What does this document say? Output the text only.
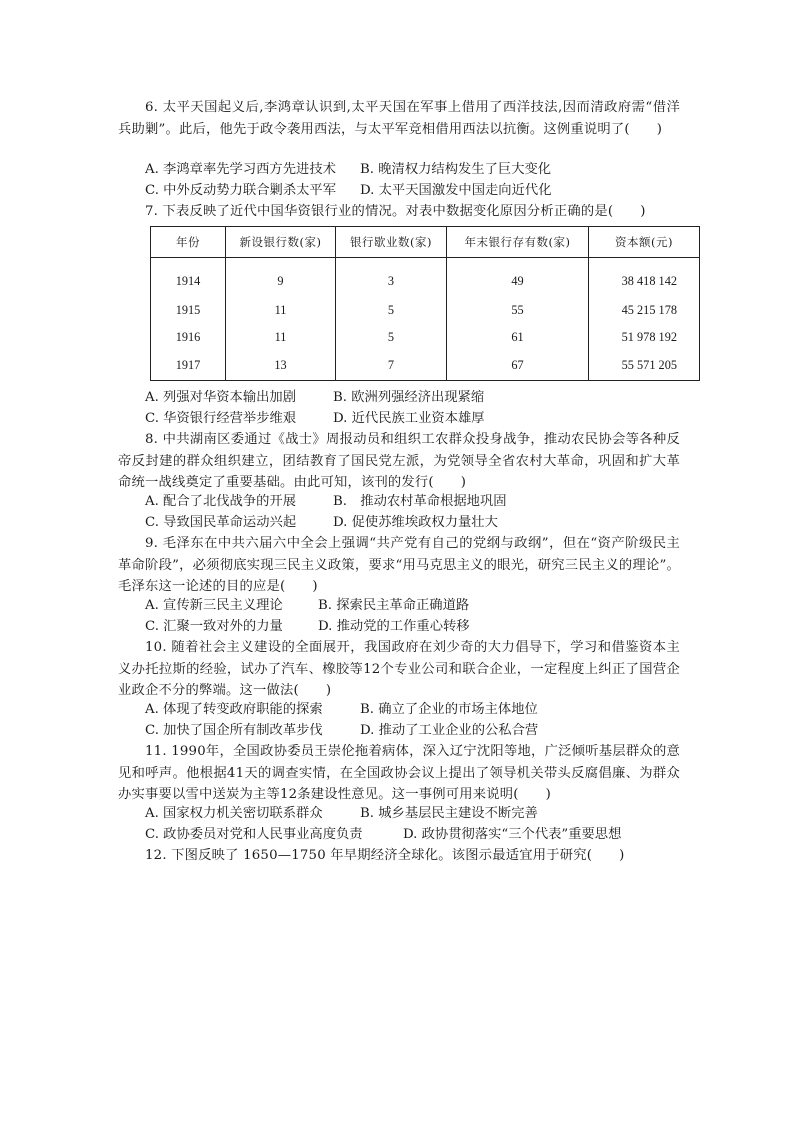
6. 太平天国起义后,李鸿章认识到,太平天国在军事上借用了西洋技法,因而清政府需“借洋兵助剿”。此后，他先于政令袭用西法，与太平军竞相借用西法以抗衡。这例重说明了(　　)
A. 李鸿章率先学习西方先进技术 B. 晚清权力结构发生了巨大变化
C. 中外反动势力联合剿杀太平军 D. 太平天国激发中国走向近代化
7. 下表反映了近代中国华资银行业的情况。对表中数据变化原因分析正确的是(　　)
年份	新设银行数(家)	银行歇业数(家)	年末银行存有数(家)	资本额(元)
1914	9	3	49	38 418 142
1915	11	5	55	45 215 178
1916	11	5	61	51 978 192
1917	13	7	67	55 571 205
A. 列强对华资本输出加剧	B. 欧洲列强经济出现紧缩
C. 华资银行经营举步维艰	D. 近代民族工业资本雄厚
8. 中共湖南区委通过《战士》周报动员和组织工农群众投身战争，推动农民协会等各种反帝反封建的群众组织建立，团结教育了国民党左派，为党领导全省农村大革命，巩固和扩大革命统一战线奠定了重要基础。由此可知，该刊的发行(　　)
A. 配合了北伐战争的开展	B.　推动农村革命根据地巩固
C. 导致国民革命运动兴起	D. 促使苏维埃政权力量壮大
9. 毛泽东在中共六届六中全会上强调“共产党有自己的党纲与政纲”，但在“资产阶级民主革命阶段”，必须彻底实现三民主义政策，要求“用马克思主义的眼光，研究三民主义的理论”。毛泽东这一论述的目的应是(　　)
A. 宣传新三民主义理论	B. 探索民主革命正确道路
C. 汇聚一致对外的力量	D. 推动党的工作重心转移
10. 随着社会主义建设的全面展开，我国政府在刘少奇的大力倡导下，学习和借鉴资本主义办托拉斯的经验，试办了汽车、橡胶等12个专业公司和联合企业，一定程度上纠正了国营企业政企不分的弊端。这一做法(　　)
A. 体现了转变政府职能的探索	B. 确立了企业的市场主体地位
C. 加快了国企所有制改革步伐	D. 推动了工业企业的公私合营
11. 1990年，全国政协委员王崇伦拖着病体，深入辽宁沈阳等地，广泛倾听基层群众的意见和呼声。他根据41天的调查实情，在全国政协会议上提出了领导机关带头反腐倡廉、为群众办实事要以雪中送炭为主等12条建设性意见。这一事例可用来说明(　　)
A. 国家权力机关密切联系群众	B. 城乡基层民主建设不断完善
C. 政协委员对党和人民事业高度负责	D. 政协贯彻落实“三个代表”重要思想
12. 下图反映了 1650—1750 年早期经济全球化。该图示最适宜用于研究(　　)
